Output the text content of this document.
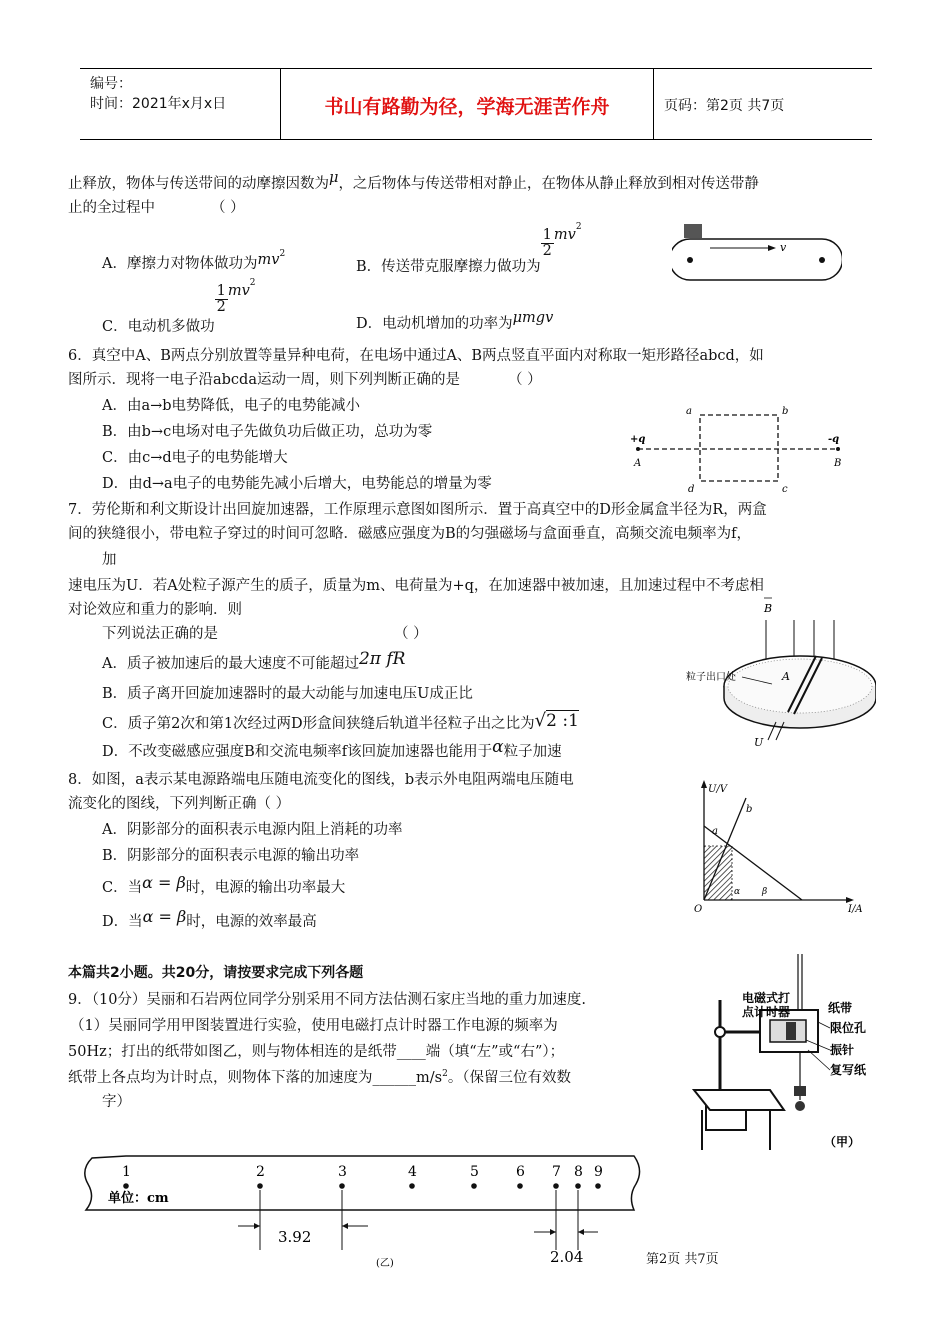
编号：
时间：2021年x月x日	书山有路勤为径，学海无涯苦作舟	页码：第2页 共7页
止释放，物体与传送带间的动摩擦因数为μ，之后物体与传送带相对静止，在物体从静止释放到相对传送带静
止的全过程中	（ ）
A．摩擦力对物体做功为$mv^2$
B．传送带克服摩擦力做功为
$\frac{1}{2} mv^2$
C．电动机多做功
$\frac{1}{2} mv^2$
D．电动机增加的功率为μmgv
v
6．真空中A、B两点分别放置等量异种电荷，在电场中通过A、B两点竖直平面内对称取一矩形路径abcd，如
图所示．现将一电子沿abcda运动一周，则下列判断正确的是	（ ）
A．由a→b电势降低，电子的电势能减小
B．由b→c电场对电子先做负功后做正功，总功为零
C．由c→d电子的电势能增大
D．由d→a电子的电势能先减小后增大，电势能总的增量为零
a	b
c
d
+q	-q
A	B
7．劳伦斯和利文斯设计出回旋加速器，工作原理示意图如图所示．置于高真空中的D形金属盒半径为R，两盒
间的狭缝很小，带电粒子穿过的时间可忽略．磁感应强度为B的匀强磁场与盒面垂直，高频交流电频率为f，
加
速电压为U．若A处粒子源产生的质子，质量为m、电荷量为+q，在加速器中被加速，且加速过程中不考虑相
对论效应和重力的影响．则
下列说法正确的是	（ ）
A．质子被加速后的最大速度不可能超过2π fR
B．质子离开回旋加速器时的最大动能与加速电压U成正比
C．质子第2次和第1次经过两D形盒间狭缝后轨道半径粒子出之比为√2 :1
D．不改变磁感应强度B和交流电频率f该回旋加速器也能用于α粒子加速
B
A
粒子出口处
U
8．如图，a表示某电源路端电压随电流变化的图线，b表示外电阻两端电压随电
流变化的图线，下列判断正确（ ）
A．阴影部分的面积表示电源内阻上消耗的功率
B．阴影部分的面积表示电源的输出功率
C．当α = β时，电源的输出功率最大
D．当α = β时，电源的效率最高
U/V
I/A
O
a
b
α β
本篇共2小题。共20分，请按要求完成下列各题
9．（10分）吴丽和石岩两位同学分别采用不同方法估测石家庄当地的重力加速度.
（1）吴丽同学用甲图装置进行实验，使用电磁打点计时器工作电源的频率为
50Hz；打出的纸带如图乙，则与物体相连的是纸带____端（填“左”或“右”）；
纸带上各点均为计时点，则物体下落的加速度为$\_\_\_\_\_\_m/s^2$。（保留三位有效数
字）
电磁式打
点计时器	纸带
限位孔
振针
复写纸
（甲）
1	2	3	4	5	6 7 8 9
单位：cm
3.92
2.04
(乙)	第2页 共7页
